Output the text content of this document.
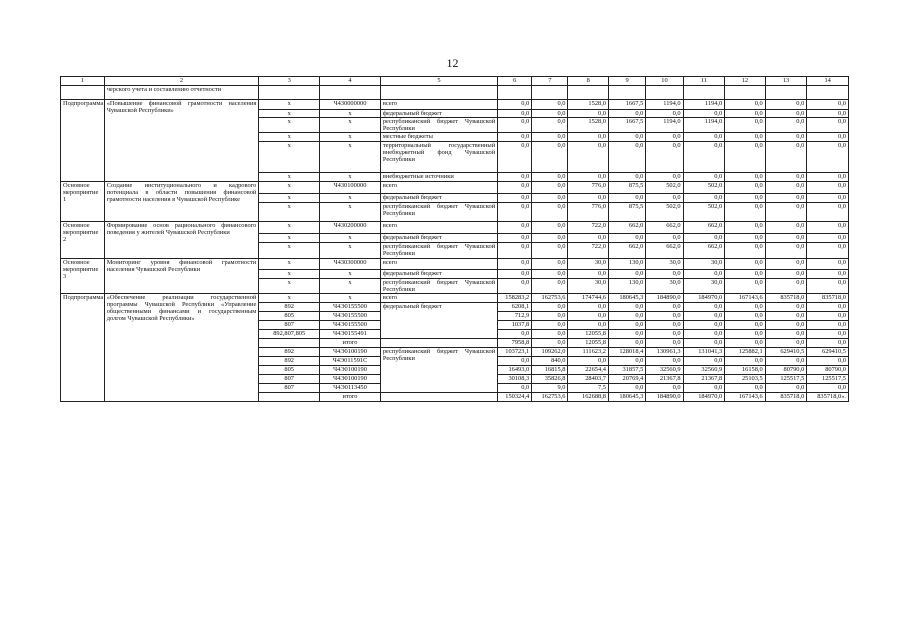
12
1	2	3	4	5	6	7	8	9	10	11	12	13	14
	черского учета и составлению отчетности												
Подпрограмма	«Повышение финансовой грамотности населения Чувашской Республики»	x	Ч430000000	всего	0,0	0,0	1528,0	1667,5	1194,0	1194,0	0,0	0,0	0,0
		x	x	федеральный бюджет	0,0	0,0	0,0	0,0	0,0	0,0	0,0	0,0	0,0
		x	x	республиканский бюджет Чувашской Республики	0,0	0,0	1528,0	1667,5	1194,0	1194,0	0,0	0,0	0,0
		x	x	местные бюджеты	0,0	0,0	0,0	0,0	0,0	0,0	0,0	0,0	0,0
		x	x	территориальный государственный внебюджетный фонд Чувашской Республики	0,0	0,0	0,0	0,0	0,0	0,0	0,0	0,0	0,0
		x	x	внебюджетные источники	0,0	0,0	0,0	0,0	0,0	0,0	0,0	0,0	0,0
Основное мероприятие 1	Создание институционального и кадрового потенциала в области повышения финансовой грамотности населения в Чувашской Республике	x	Ч430100000	всего	0,0	0,0	776,0	875,5	502,0	502,0	0,0	0,0	0,0
		x	x	федеральный бюджет	0,0	0,0	0,0	0,0	0,0	0,0	0,0	0,0	0,0
		x	x	республиканский бюджет Чувашской Республики	0,0	0,0	776,0	875,5	502,0	502,0	0,0	0,0	0,0
Основное мероприятие 2	Формирование основ рационального финансового поведения у жителей Чувашской Республики	x	Ч430200000	всего	0,0	0,0	722,0	662,0	662,0	662,0	0,0	0,0	0,0
		x	x	федеральный бюджет	0,0	0,0	0,0	0,0	0,0	0,0	0,0	0,0	0,0
		x	x	республиканский бюджет Чувашской Республики	0,0	0,0	722,0	662,0	662,0	662,0	0,0	0,0	0,0
Основное мероприятие 3	Мониторинг уровня финансовой грамотности населения Чувашской Республики	x	Ч430300000	всего	0,0	0,0	30,0	130,0	30,0	30,0	0,0	0,0	0,0
		x	x	федеральный бюджет	0,0	0,0	0,0	0,0	0,0	0,0	0,0	0,0	0,0
		x	x	республиканский бюджет Чувашской Республики	0,0	0,0	30,0	130,0	30,0	30,0	0,0	0,0	0,0
Подпрограмма	«Обеспечение реализации государственной программы Чувашской Республики «Управление общественными финансами и государственным долгом Чувашской Республики»	x	x	всего	158283,2	162753,6	174744,6	180645,3	184890,0	184970,0	167143,6	835718,0	835718,0
		892	Ч4Э0155500	федеральный бюджет	6208,1	0,0	0,0	0,0	0,0	0,0	0,0	0,0	0,0
		805	Ч4Э0155500		712,9	0,0	0,0	0,0	0,0	0,0	0,0	0,0	0,0
		807	Ч4Э0155500		1037,8	0,0	0,0	0,0	0,0	0,0	0,0	0,0	0,0
		892,807,805	Ч4Э0155491		0,0	0,0	12055,8	0,0	0,0	0,0	0,0	0,0	0,0
			итого		7958,8	0,0	12055,8	0,0	0,0	0,0	0,0	0,0	0,0
		892	Ч4Э0100190	республиканский бюджет Чувашской Республики	103723,1	109262,0	111623,2	128018,4	130961,3	131041,3	125882,1	629410,5	629410,5
		892	Ч4Э011591С		0,0	840,0	0,0	0,0	0,0	0,0	0,0	0,0	0,0
		805	Ч4Э0100190		16493,0	16815,8	22654,4	31857,5	32560,9	32560,9	16158,0	80790,0	80790,0
		807	Ч4Э0100190		30108,3	35826,8	28403,7	20769,4	21367,8	21367,8	25103,5	125517,5	125517,5
		807	Ч4Э0113450		0,0	9,0	7,5	0,0	0,0	0,0	0,0	0,0	0,0
			итого		150324,4	162753,6	162688,8	180645,3	184890,0	184970,0	167143,6	835718,0	835718,0».
